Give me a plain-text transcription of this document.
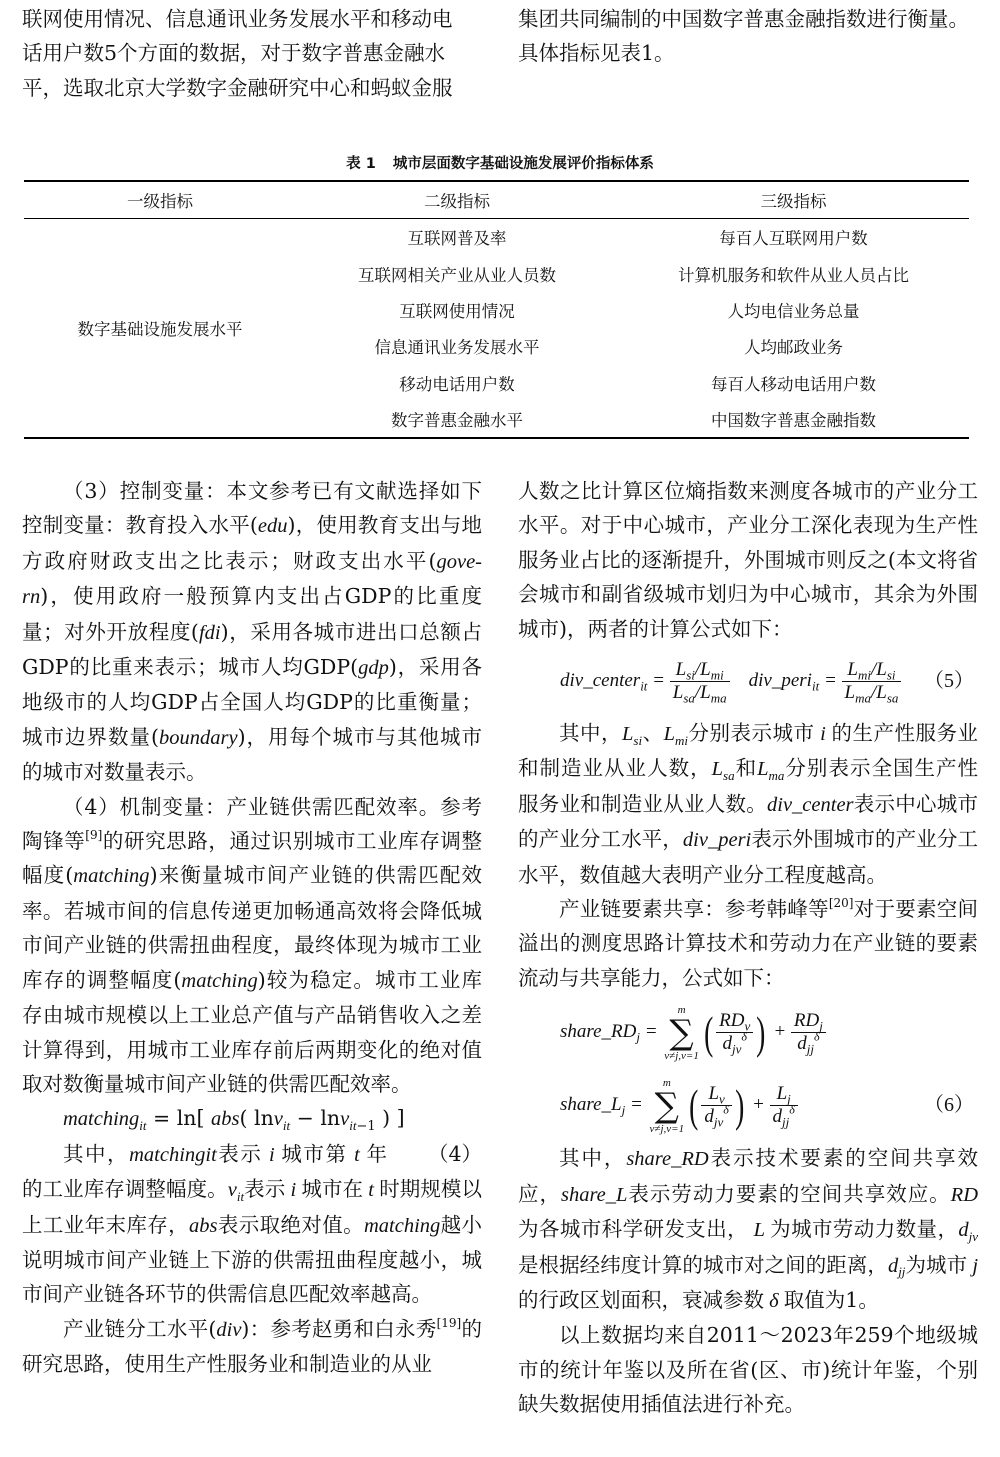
联网使用情况、信息通讯业务发展水平和移动电

话用户数5个方面的数据，对于数字普惠金融水

平，选取北京大学数字金融研究中心和蚂蚁金服

集团共同编制的中国数字普惠金融指数进行衡量。

具体指标见表1。

表 1 城市层面数字基础设施发展评价指标体系
一级指标	二级指标	三级指标
数字基础设施发展水平	互联网普及率	每百人互联网用户数
	互联网相关产业从业人员数	计算机服务和软件从业人员占比
	互联网使用情况	人均电信业务总量
	信息通讯业务发展水平	人均邮政业务
	移动电话用户数	每百人移动电话用户数
	数字普惠金融水平	中国数字普惠金融指数

（3）控制变量：本文参考已有文献选择如下控制变量：教育投入水平(edu)，使用教育支出与地方政府财政支出之比表示；财政支出水平(gove-rn)，使用政府一般预算内支出占GDP的比重度量；对外开放程度(fdi)，采用各城市进出口总额占GDP的比重来表示；城市人均GDP(gdp)，采用各地级市的人均GDP占全国人均GDP的比重衡量；城市边界数量(boundary)，用每个城市与其他城市的城市对数量表示。

（4）机制变量：产业链供需匹配效率。参考陶锋等[9]的研究思路，通过识别城市工业库存调整幅度(matching)来衡量城市间产业链的供需匹配效率。若城市间的信息传递更加畅通高效将会降低城市间产业链的供需扭曲程度，最终体现为城市工业库存的调整幅度(matching)较为稳定。城市工业库存由城市规模以上工业总产值与产品销售收入之差计算得到，用城市工业库存前后两期变化的绝对值取对数衡量城市间产业链的供需匹配效率。

matching$_{it}$ = ln[ abs( lnv$_{it}$ − lnv$_{it-1}$ ) ]
（4）

其中，matchingit表示 i 城市第 t 年的工业库存调整幅度。$v_{it}$表示 i 城市在 t 时期规模以上工业年末库存，abs表示取绝对值。matching越小说明城市间产业链上下游的供需扭曲程度越小，城市间产业链各环节的供需信息匹配效率越高。

产业链分工水平(div)：参考赵勇和白永秀[19]的研究思路，使用生产性服务业和制造业的从业

人数之比计算区位熵指数来测度各城市的产业分工水平。对于中心城市，产业分工深化表现为生产性服务业占比的逐渐提升，外围城市则反之(本文将省会城市和副省级城市划归为中心城市，其余为外围城市)，两者的计算公式如下：

div_center$_{it}$ = $\frac{L_{si}/L_{mi}}{L_{sa}/L_{ma}}$ div_peri$_{it}$ = $\frac{L_{mi}/L_{si}}{L_{ma}/L_{sa}} (5)$

其中，$L_{si}$、$L_{mi}$分别表示城市 i 的生产性服务业和制造业从业人数，$L_{sa}$和$L_{ma}$分别表示全国生产性服务业和制造业从业人数。div_center表示中心城市的产业分工水平，div_peri表示外围城市的产业分工水平，数值越大表明产业分工程度越高。

产业链要素共享：参考韩峰等[20]对于要素空间溢出的测度思路计算技术和劳动力在产业链的要素流动与共享能力，公式如下：

$share\_RD_j$ =
m
∑
v≠j,v=1 ( $\frac{RD_v}{d_{jv}^\delta}$ ) + $\frac{RD_j}{d_{jj}^\delta}$
$share\_L_j$ =
m
∑
v≠j,v=1 ( $\frac{L_v}{d_{jv}^\delta}$ ) + $\frac{L_j}{d_{jj}^\delta}$	（6）

其中，share_RD表示技术要素的空间共享效应，share_L表示劳动力要素的空间共享效应。RD为各城市科学研发支出， L 为城市劳动力数量，$d_{jv}$是根据经纬度计算的城市对之间的距离，$d_{jj}$为城市 j 的行政区划面积，衰减参数 δ 取值为1。

以上数据均来自2011～2023年259个地级城市的统计年鉴以及所在省(区、市)统计年鉴，个别缺失数据使用插值法进行补充。
